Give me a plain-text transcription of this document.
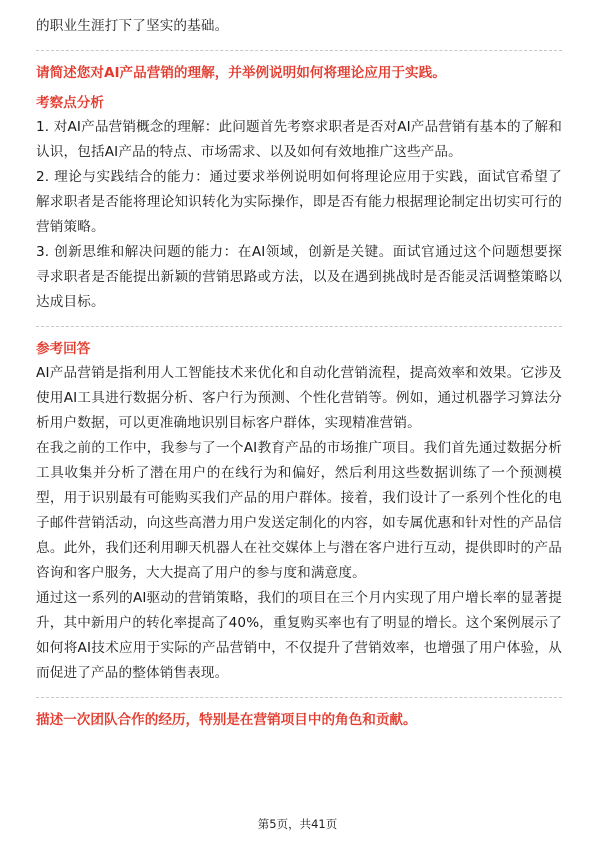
的职业生涯打下了坚实的基础。

请简述您对AI产品营销的理解，并举例说明如何将理论应用于实践。

考察点分析

1. 对AI产品营销概念的理解：此问题首先考察求职者是否对AI产品营销有基本的了解和认识，包括AI产品的特点、市场需求、以及如何有效地推广这些产品。

2. 理论与实践结合的能力：通过要求举例说明如何将理论应用于实践，面试官希望了解求职者是否能将理论知识转化为实际操作，即是否有能力根据理论制定出切实可行的营销策略。

3. 创新思维和解决问题的能力：在AI领域，创新是关键。面试官通过这个问题想要探寻求职者是否能提出新颖的营销思路或方法，以及在遇到挑战时是否能灵活调整策略以达成目标。

参考回答

AI产品营销是指利用人工智能技术来优化和自动化营销流程，提高效率和效果。它涉及使用AI工具进行数据分析、客户行为预测、个性化营销等。例如，通过机器学习算法分析用户数据，可以更准确地识别目标客户群体，实现精准营销。

在我之前的工作中，我参与了一个AI教育产品的市场推广项目。我们首先通过数据分析工具收集并分析了潜在用户的在线行为和偏好，然后利用这些数据训练了一个预测模型，用于识别最有可能购买我们产品的用户群体。接着，我们设计了一系列个性化的电子邮件营销活动，向这些高潜力用户发送定制化的内容，如专属优惠和针对性的产品信息。此外，我们还利用聊天机器人在社交媒体上与潜在客户进行互动，提供即时的产品咨询和客户服务，大大提高了用户的参与度和满意度。

通过这一系列的AI驱动的营销策略，我们的项目在三个月内实现了用户增长率的显著提升，其中新用户的转化率提高了40%，重复购买率也有了明显的增长。这个案例展示了如何将AI技术应用于实际的产品营销中，不仅提升了营销效率，也增强了用户体验，从而促进了产品的整体销售表现。

描述一次团队合作的经历，特别是在营销项目中的角色和贡献。

第5页，共41页
